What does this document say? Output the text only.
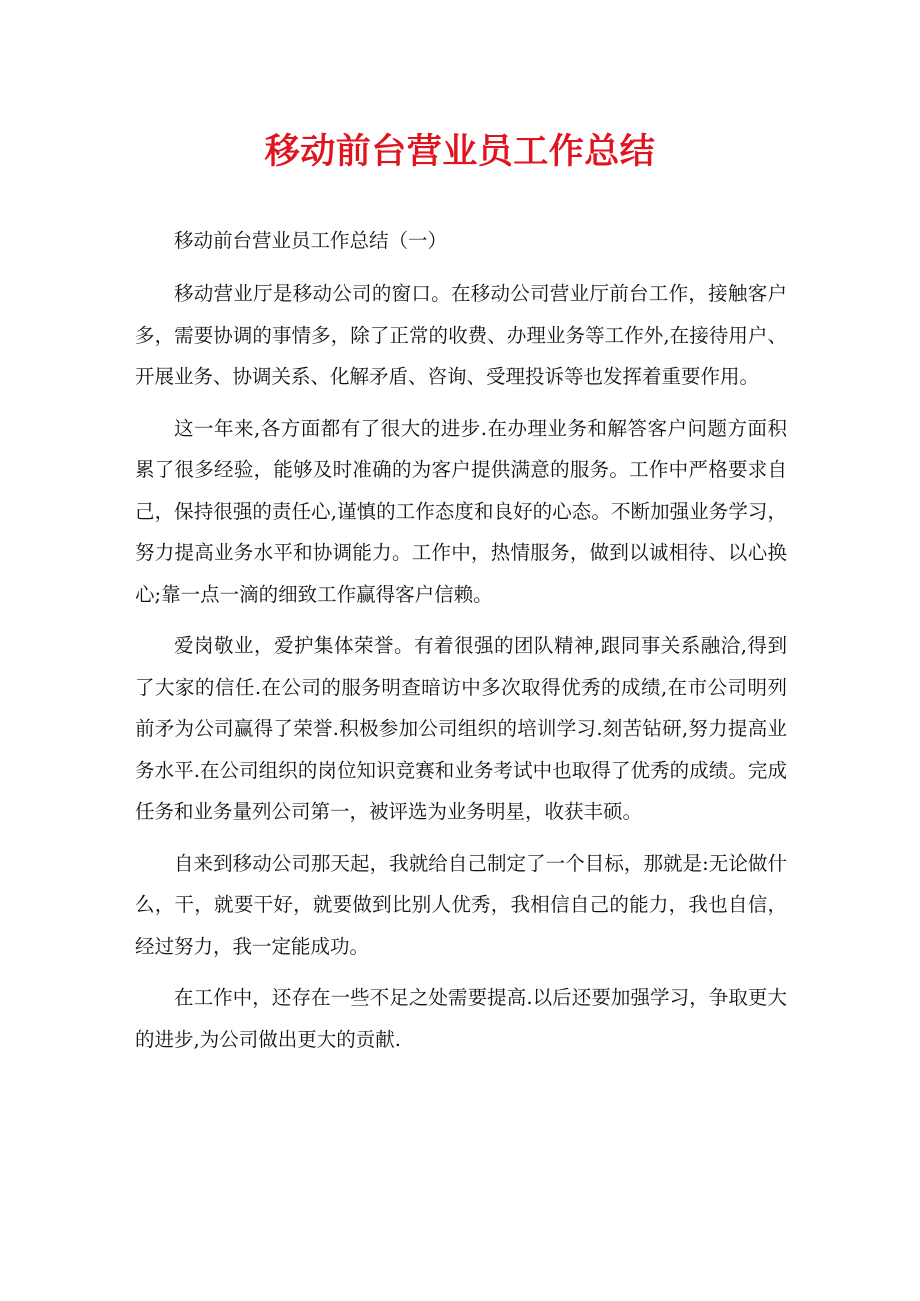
移动前台营业员工作总结

移动前台营业员工作总结（一）

移动营业厅是移动公司的窗口。在移动公司营业厅前台工作，接触客户多，需要协调的事情多，除了正常的收费、办理业务等工作外,在接待用户、开展业务、协调关系、化解矛盾、咨询、受理投诉等也发挥着重要作用。

这一年来,各方面都有了很大的进步.在办理业务和解答客户问题方面积累了很多经验，能够及时准确的为客户提供满意的服务。工作中严格要求自己，保持很强的责任心,谨慎的工作态度和良好的心态。不断加强业务学习，努力提高业务水平和协调能力。工作中，热情服务，做到以诚相待、以心换心;靠一点一滴的细致工作赢得客户信赖。

爱岗敬业，爱护集体荣誉。有着很强的团队精神,跟同事关系融洽,得到了大家的信任.在公司的服务明查暗访中多次取得优秀的成绩,在市公司明列前矛为公司赢得了荣誉.积极参加公司组织的培训学习.刻苦钻研,努力提高业务水平.在公司组织的岗位知识竞赛和业务考试中也取得了优秀的成绩。完成任务和业务量列公司第一，被评选为业务明星，收获丰硕。

自来到移动公司那天起，我就给自己制定了一个目标，那就是:无论做什么，干，就要干好，就要做到比别人优秀，我相信自己的能力，我也自信，经过努力，我一定能成功。

在工作中，还存在一些不足之处需要提高.以后还要加强学习，争取更大的进步,为公司做出更大的贡献.
